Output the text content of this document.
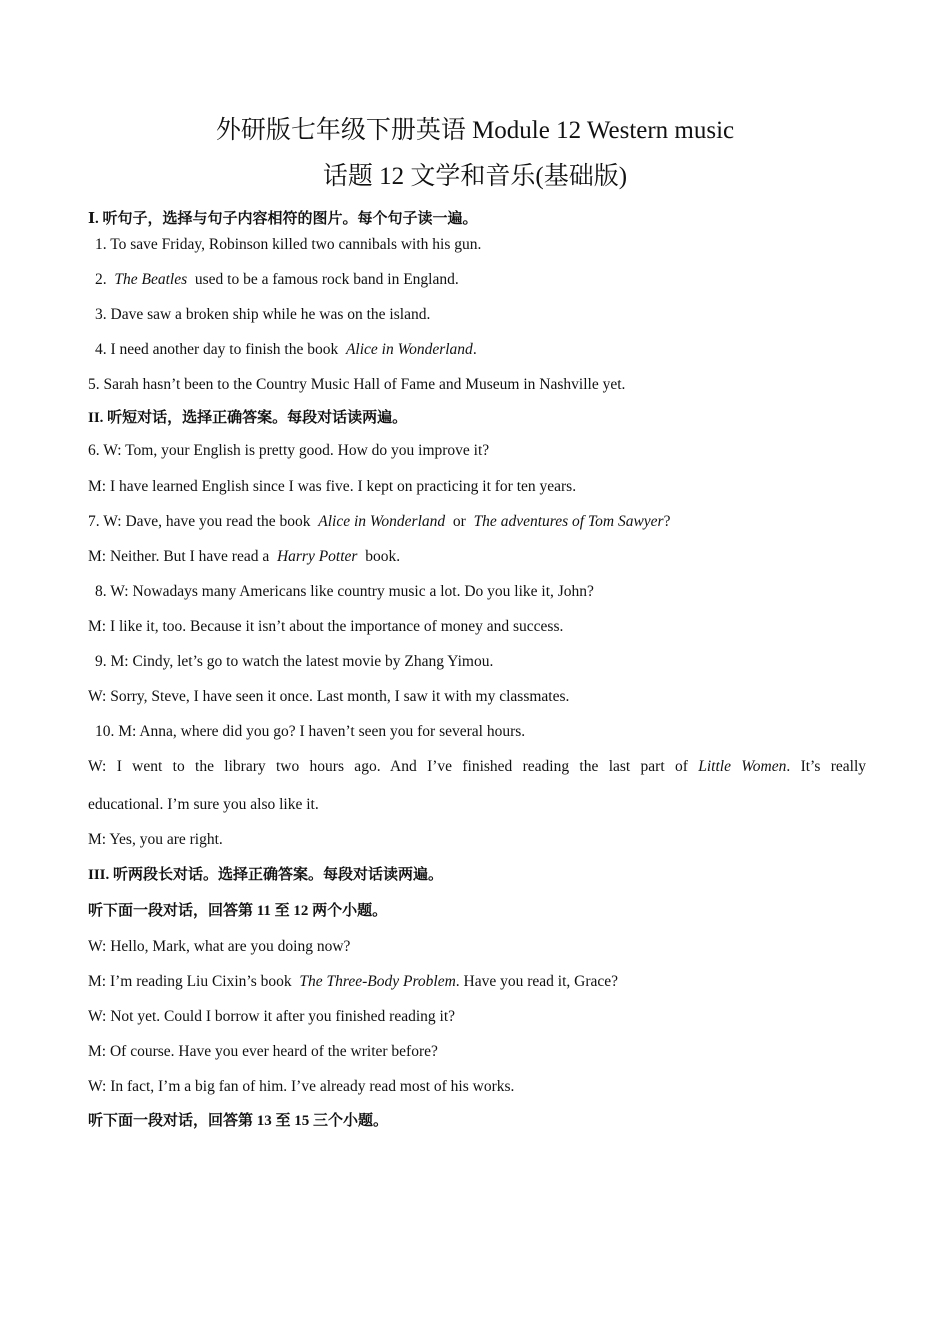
外研版七年级下册英语 Module 12 Western music
话题 12 文学和音乐(基础版)
Ⅰ. 听句子，选择与句子内容相符的图片。每个句子读一遍。
1. To save Friday, Robinson killed two cannibals with his gun.
2. The Beatles used to be a famous rock band in England.
3. Dave saw a broken ship while he was on the island.
4. I need another day to finish the book Alice in Wonderland.
5. Sarah hasn’t been to the Country Music Hall of Fame and Museum in Nashville yet.
II. 听短对话，选择正确答案。每段对话读两遍。
6. W: Tom, your English is pretty good. How do you improve it?
M: I have learned English since I was five. I kept on practicing it for ten years.
7. W: Dave, have you read the book Alice in Wonderland or The adventures of Tom Sawyer?
M: Neither. But I have read a Harry Potter book.
8. W: Nowadays many Americans like country music a lot. Do you like it, John?
M: I like it, too. Because it isn’t about the importance of money and success.
9. M: Cindy, let’s go to watch the latest movie by Zhang Yimou.
W: Sorry, Steve, I have seen it once. Last month, I saw it with my classmates.
10. M: Anna, where did you go? I haven’t seen you for several hours.
W: I went to the library two hours ago. And I’ve finished reading the last part of Little Women. It’s really
educational. I’m sure you also like it.
M: Yes, you are right.
III. 听两段长对话。选择正确答案。每段对话读两遍。
听下面一段对话，回答第 11 至 12 两个小题。
W: Hello, Mark, what are you doing now?
M: I’m reading Liu Cixin’s book The Three-Body Problem. Have you read it, Grace?
W: Not yet. Could I borrow it after you finished reading it?
M: Of course. Have you ever heard of the writer before?
W: In fact, I’m a big fan of him. I’ve already read most of his works.
听下面一段对话，回答第 13 至 15 三个小题。
